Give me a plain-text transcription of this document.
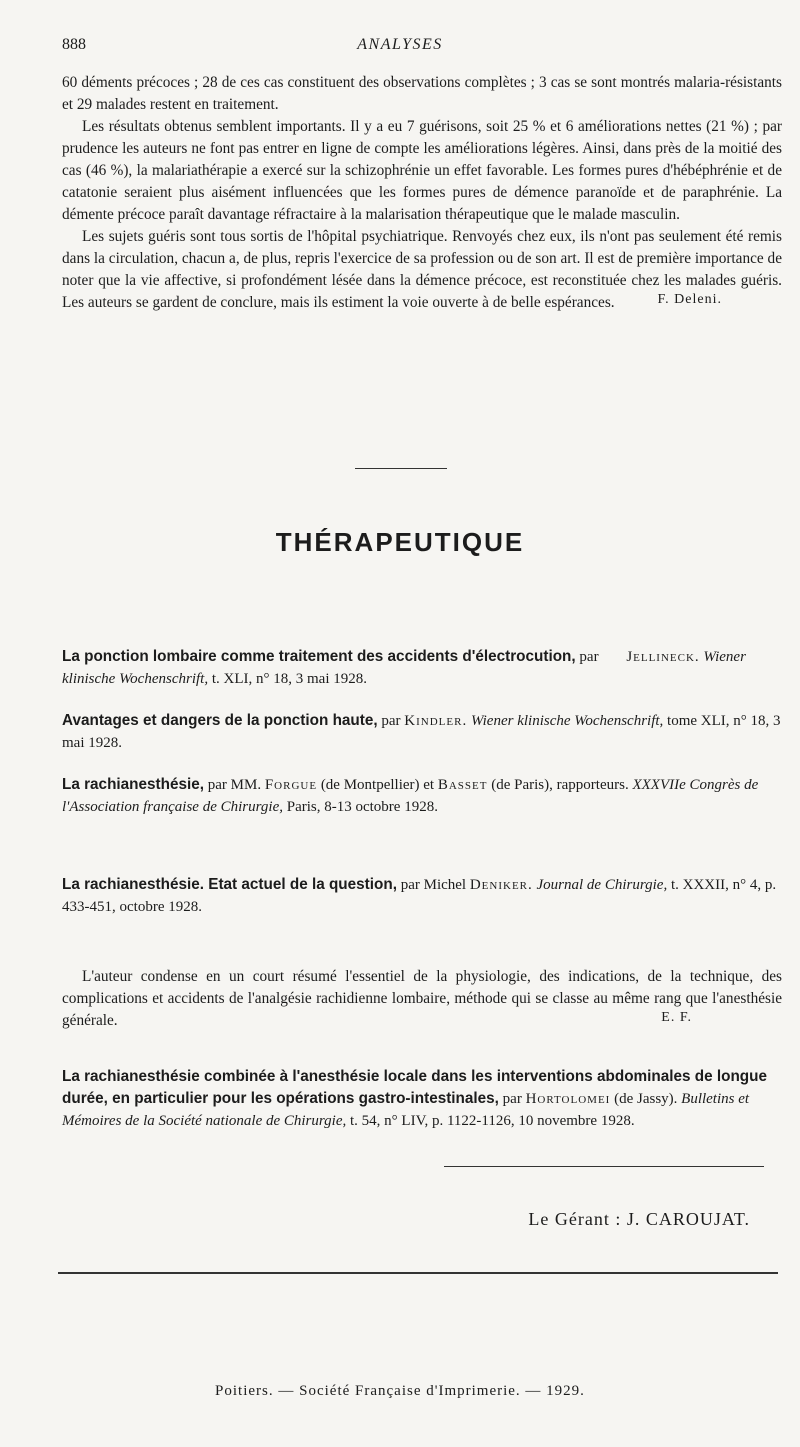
888	ANALYSES

60 déments précoces ; 28 de ces cas constituent des observations complètes ; 3 cas se sont montrés malaria-résistants et 29 malades restent en traitement.

Les résultats obtenus semblent importants. Il y a eu 7 guérisons, soit 25 % et 6 améliorations nettes (21 %) ; par prudence les auteurs ne font pas entrer en ligne de compte les améliorations légères. Ainsi, dans près de la moitié des cas (46 %), la malariathérapie a exercé sur la schizophrénie un effet favorable. Les formes pures d'hébéphrénie et de catatonie seraient plus aisément influencées que les formes pures de démence paranoïde et de paraphrénie. La démente précoce paraît davantage réfractaire à la malarisation thérapeutique que le malade masculin.

Les sujets guéris sont tous sortis de l'hôpital psychiatrique. Renvoyés chez eux, ils n'ont pas seulement été remis dans la circulation, chacun a, de plus, repris l'exercice de sa profession ou de son art. Il est de première importance de noter que la vie affective, si profondément lésée dans la démence précoce, est reconstituée chez les malades guéris. Les auteurs se gardent de conclure, mais ils estiment la voie ouverte à de belle espérances.	F. Deleni.
THÉRAPEUTIQUE
La ponction lombaire comme traitement des accidents d'électrocution, par Jellineck. Wiener klinische Wochenschrift, t. XLI, n° 18, 3 mai 1928.
Avantages et dangers de la ponction haute, par Kindler. Wiener klinische Wochenschrift, tome XLI, n° 18, 3 mai 1928.
La rachianesthésie, par MM. Forgue (de Montpellier) et Basset (de Paris), rapporteurs. XXXVIIe Congrès de l'Association française de Chirurgie, Paris, 8-13 octobre 1928.
La rachianesthésie. Etat actuel de la question, par Michel Deniker. Journal de Chirurgie, t. XXXII, n° 4, p. 433-451, octobre 1928.

L'auteur condense en un court résumé l'essentiel de la physiologie, des indications, de la technique, des complications et accidents de l'analgésie rachidienne lombaire, méthode qui se classe au même rang que l'anesthésie générale.	E. F.
La rachianesthésie combinée à l'anesthésie locale dans les interventions abdominales de longue durée, en particulier pour les opérations gastro-intestinales, par Hortolomei (de Jassy). Bulletins et Mémoires de la Société nationale de Chirurgie, t. 54, n° LIV, p. 1122-1126, 10 novembre 1928.
Le Gérant : J. CAROUJAT.
Poitiers. — Société Française d'Imprimerie. — 1929.
